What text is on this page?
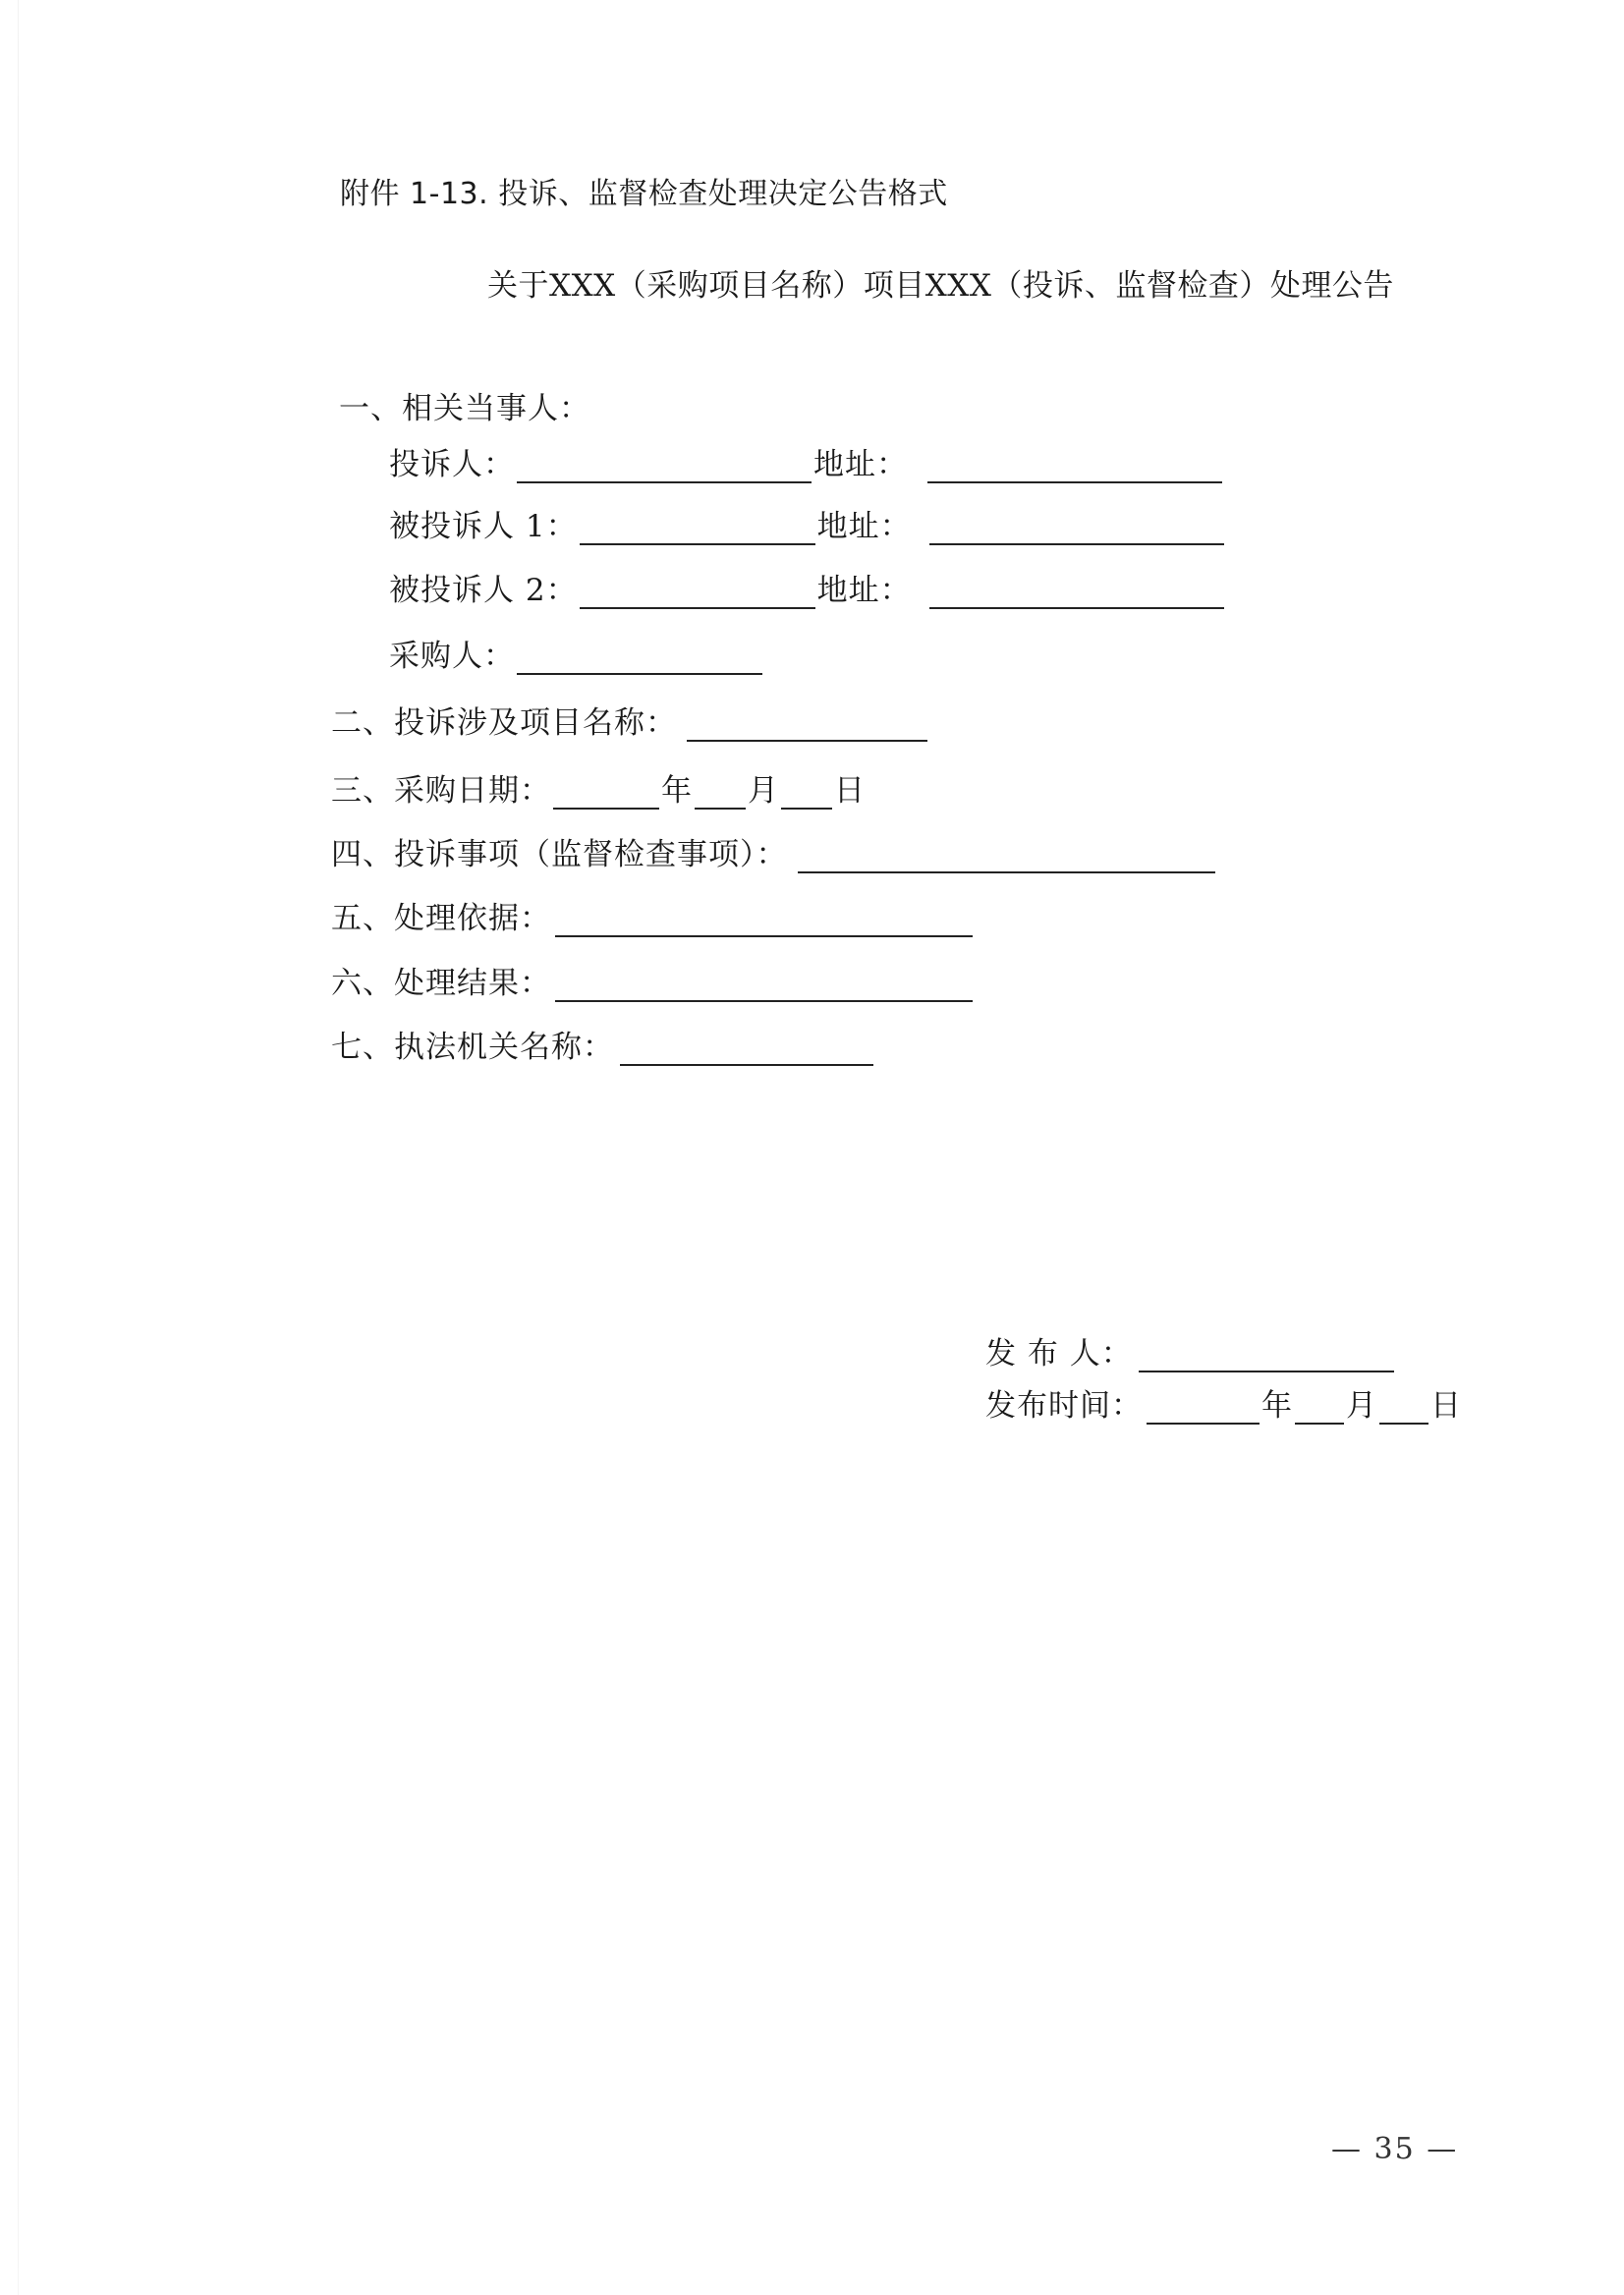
附件 1-13. 投诉、监督检查处理决定公告格式
关于XXX（采购项目名称）项目XXX（投诉、监督检查）处理公告
一、相关当事人：
投诉人：	地址：
被投诉人 1：	地址：
被投诉人 2：	地址：
采购人：
二、投诉涉及项目名称：
三、采购日期：	年 月 日
四、投诉事项（监督检查事项）：
五、处理依据：
六、处理结果：
七、执法机关名称：
发 布 人：
发布时间：	年 月 日
— 35 —
